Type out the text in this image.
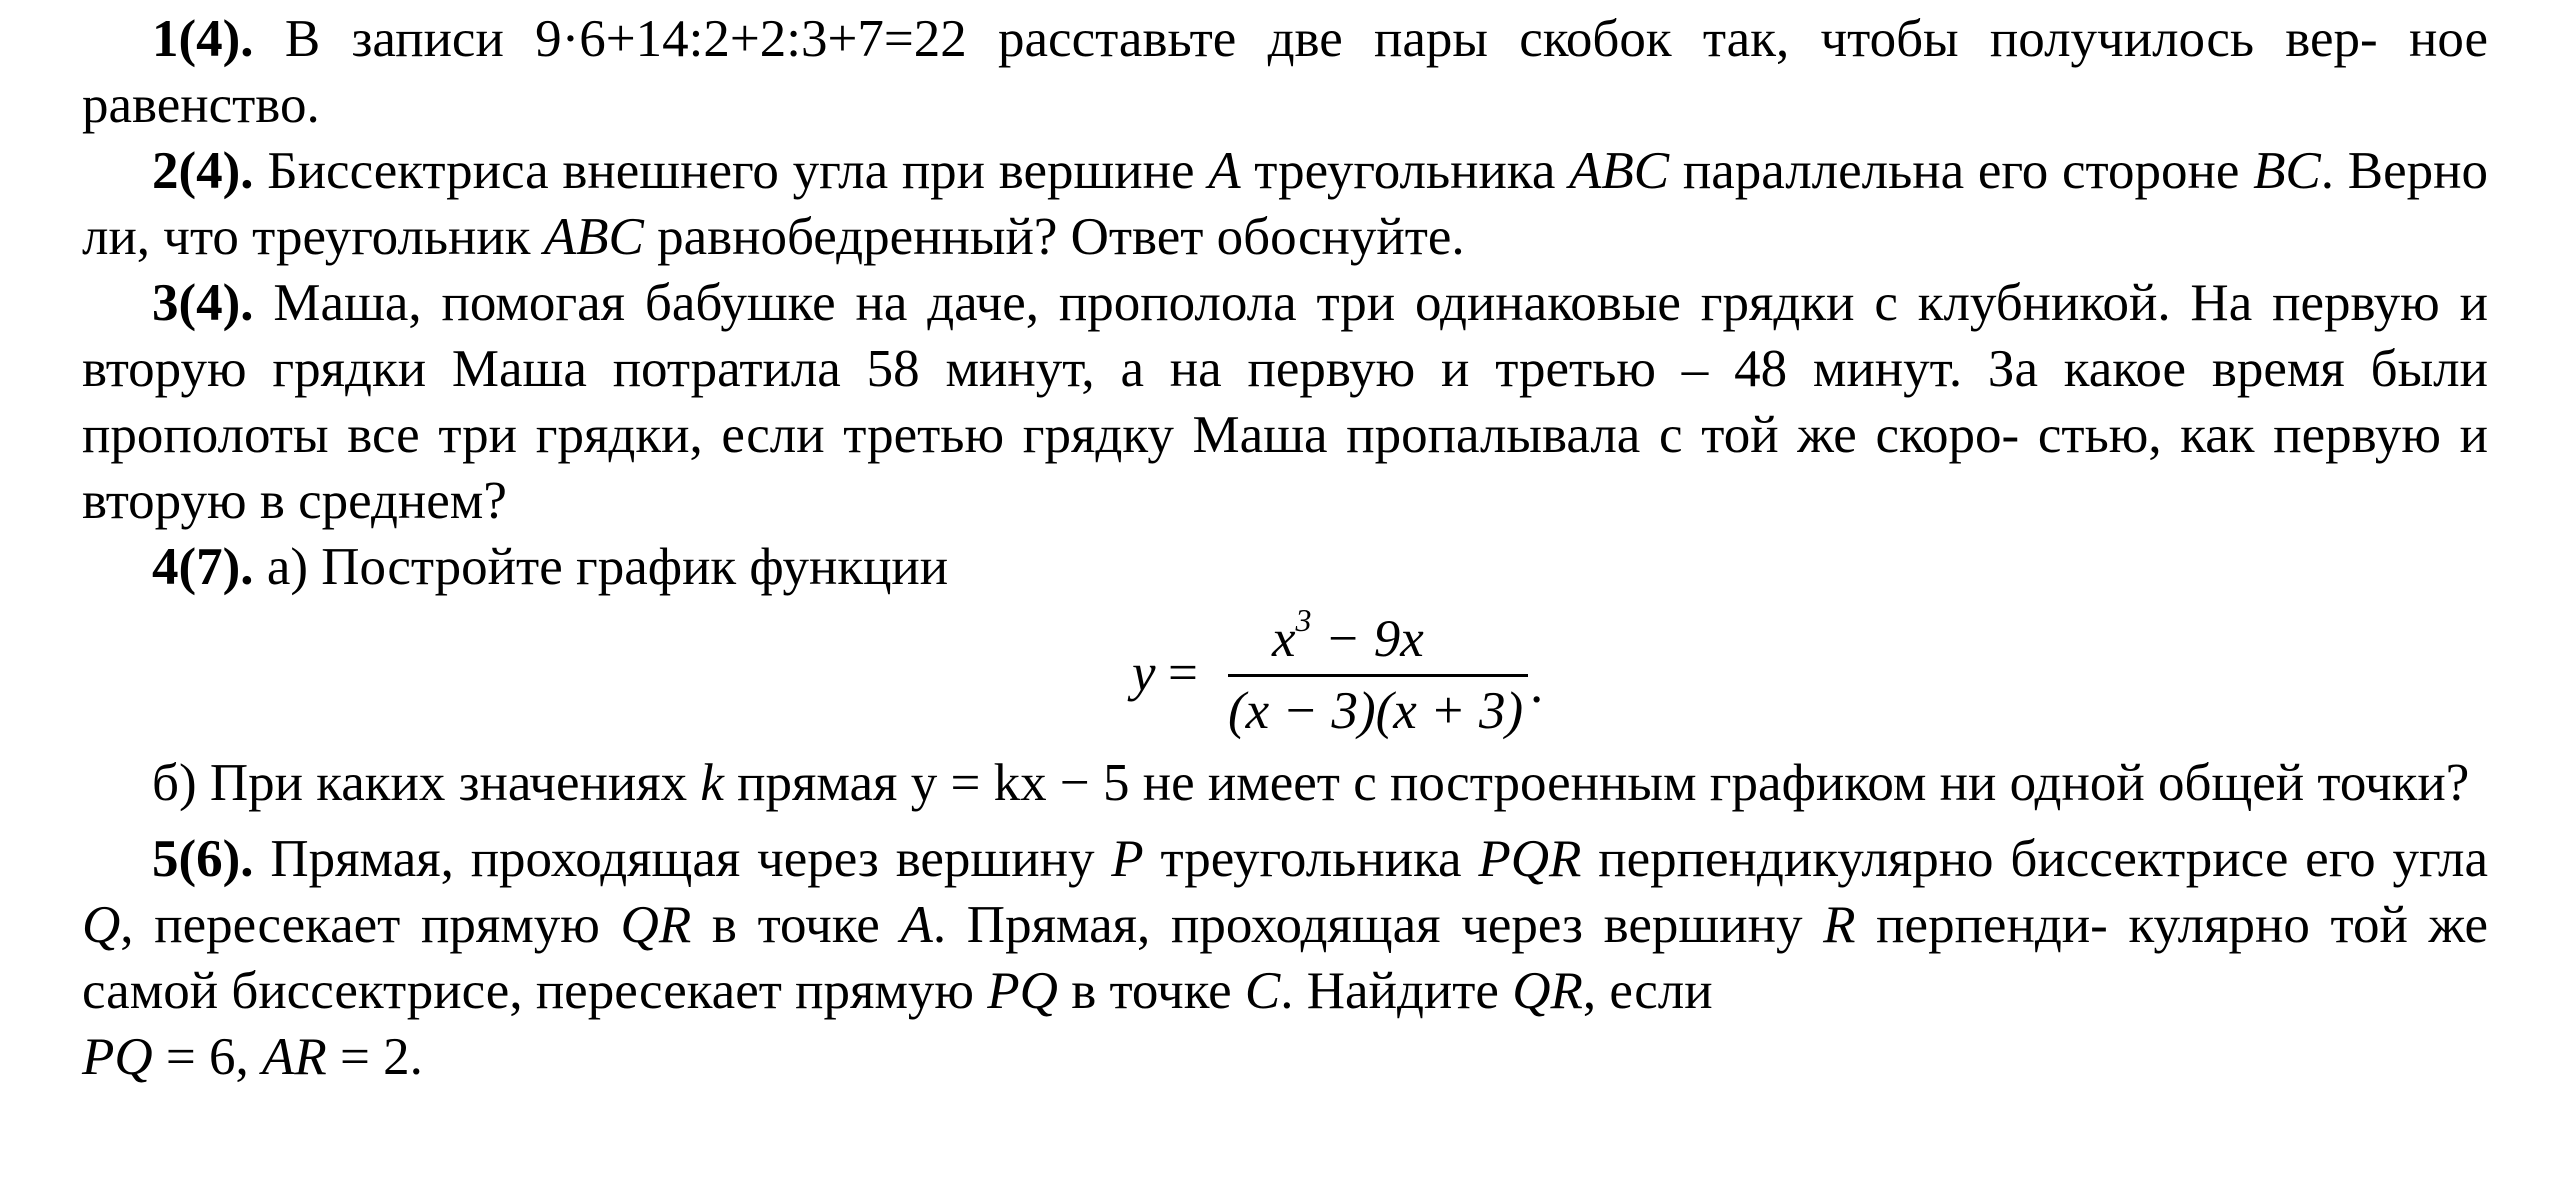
1(4). В записи 9·6+14:2+2:3+7=22 расставьте две пары скобок так, чтобы получилось вер- ное равенство.

2(4). Биссектриса внешнего угла при вершине A треугольника ABC параллельна его стороне BC. Верно ли, что треугольник ABC равнобедренный? Ответ обоснуйте.

3(4). Маша, помогая бабушке на даче, прополола три одинаковые грядки с клубникой. На первую и вторую грядки Маша потратила 58 минут, а на первую и третью – 48 минут. За какое время были прополоты все три грядки, если третью грядку Маша пропалывала с той же скоро- стью, как первую и вторую в среднем?

4(7). а) Постройте график функции

y =
$x^3 - 9x$
(x − 3)(x + 3) .

б) При каких значениях k прямая y = kx − 5 не имеет с построенным графиком ни одной общей точки?

5(6). Прямая, проходящая через вершину P треугольника PQR перпендикулярно биссектрисе его угла Q, пересекает прямую QR в точке A. Прямая, проходящая через вершину R перпенди- кулярно той же самой биссектрисе, пересекает прямую PQ в точке C. Найдите QR, если
PQ = 6, AR = 2.
